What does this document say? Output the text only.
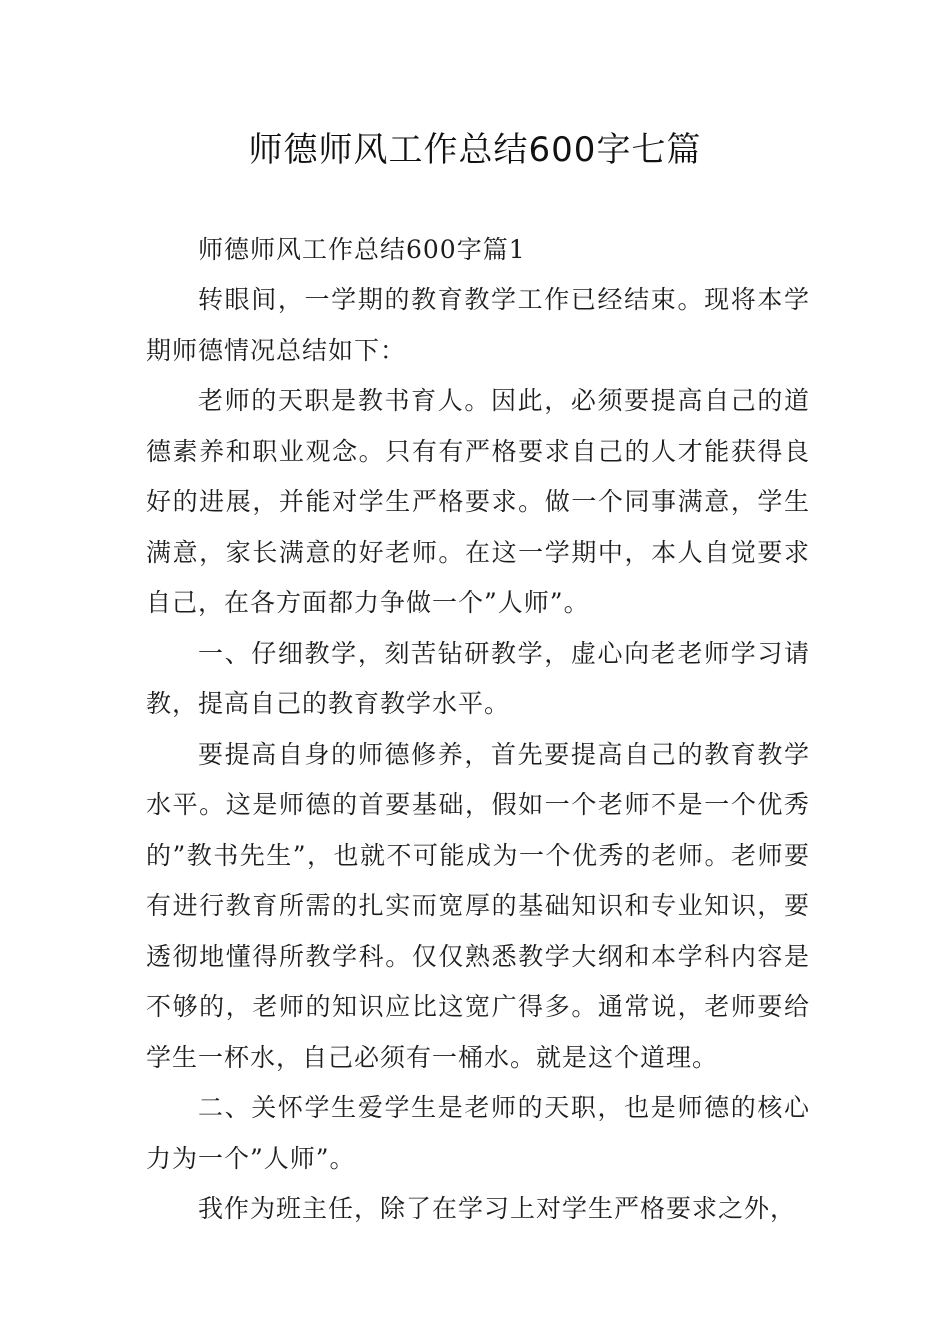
师德师风工作总结600字七篇

师德师风工作总结600字篇1

转眼间，一学期的教育教学工作已经结束。现将本学期师德情况总结如下：

老师的天职是教书育人。因此，必须要提高自己的道德素养和职业观念。只有有严格要求自己的人才能获得良好的进展，并能对学生严格要求。做一个同事满意，学生满意，家长满意的好老师。在这一学期中，本人自觉要求自己，在各方面都力争做一个”人师”。

一、仔细教学，刻苦钻研教学，虚心向老老师学习请教，提高自己的教育教学水平。

要提高自身的师德修养，首先要提高自己的教育教学水平。这是师德的首要基础，假如一个老师不是一个优秀的”教书先生”，也就不可能成为一个优秀的老师。老师要有进行教育所需的扎实而宽厚的基础知识和专业知识，要透彻地懂得所教学科。仅仅熟悉教学大纲和本学科内容是不够的，老师的知识应比这宽广得多。通常说，老师要给学生一杯水，自己必须有一桶水。就是这个道理。

二、关怀学生爱学生是老师的天职，也是师德的核心力为一个”人师”。

我作为班主任，除了在学习上对学生严格要求之外，
